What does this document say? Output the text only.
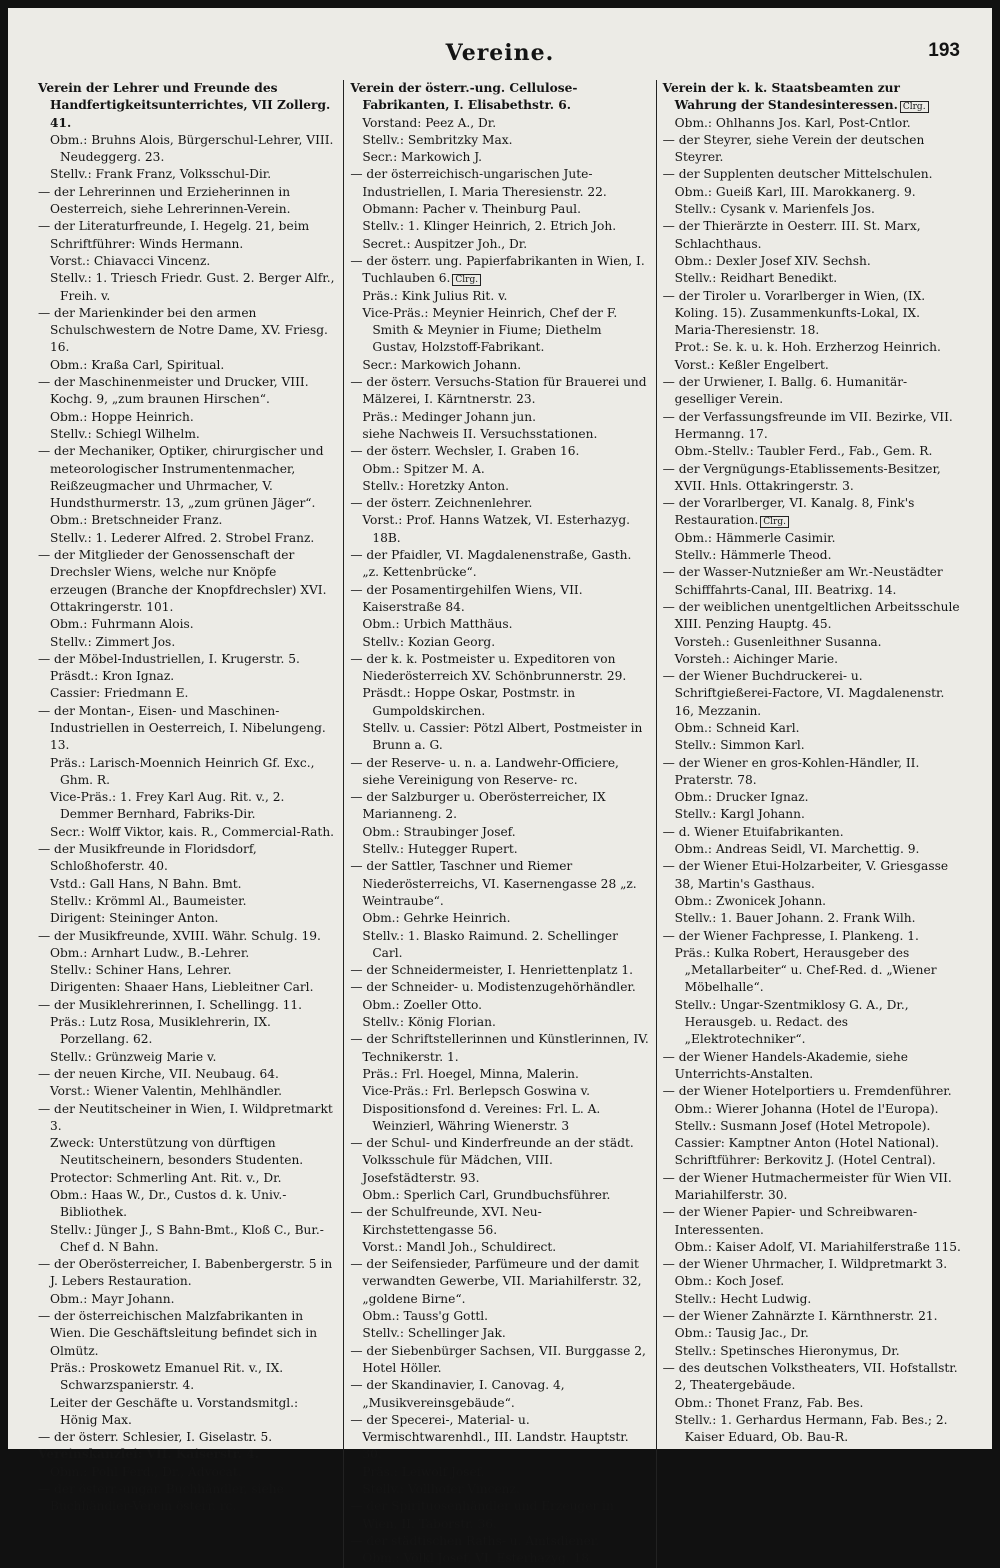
Vereine.	193

Verein der Lehrer und Freunde des Handfertigkeitsunterrichtes, VII Zollerg. 41.

Obm.: Bruhns Alois, Bürgerschul-Lehrer, VIII. Neudeggerg. 23.

Stellv.: Frank Franz, Volksschul-Dir.

— der Lehrerinnen und Erzieherinnen in Oesterreich, siehe Lehrerinnen-Verein.

— der Literaturfreunde, I. Hegelg. 21, beim Schriftführer: Winds Hermann.

Vorst.: Chiavacci Vincenz.

Stellv.: 1. Triesch Friedr. Gust. 2. Berger Alfr., Freih. v.

— der Marienkinder bei den armen Schulschwestern de Notre Dame, XV. Friesg. 16.

Obm.: Kraßa Carl, Spiritual.

— der Maschinenmeister und Drucker, VIII. Kochg. 9, „zum braunen Hirschen“.

Obm.: Hoppe Heinrich.

Stellv.: Schiegl Wilhelm.

— der Mechaniker, Optiker, chirurgischer und meteorologischer Instrumentenmacher, Reißzeugmacher und Uhrmacher, V. Hundsthurmerstr. 13, „zum grünen Jäger“.

Obm.: Bretschneider Franz.

Stellv.: 1. Lederer Alfred. 2. Strobel Franz.

— der Mitglieder der Genossenschaft der Drechsler Wiens, welche nur Knöpfe erzeugen (Branche der Knopfdrechsler) XVI. Ottakringerstr. 101.

Obm.: Fuhrmann Alois.

Stellv.: Zimmert Jos.

— der Möbel-Industriellen, I. Krugerstr. 5.

Präsdt.: Kron Ignaz.

Cassier: Friedmann E.

— der Montan-, Eisen- und Maschinen-Industriellen in Oesterreich, I. Nibelungeng. 13.

Präs.: Larisch-Moennich Heinrich Gf. Exc., Ghm. R.

Vice-Präs.: 1. Frey Karl Aug. Rit. v., 2. Demmer Bernhard, Fabriks-Dir.

Secr.: Wolff Viktor, kais. R., Commercial-Rath.

— der Musikfreunde in Floridsdorf, Schloßhoferstr. 40.

Vstd.: Gall Hans, N Bahn. Bmt.

Stellv.: Krömml Al., Baumeister.

Dirigent: Steininger Anton.

— der Musikfreunde, XVIII. Währ. Schulg. 19.

Obm.: Arnhart Ludw., B.-Lehrer.

Stellv.: Schiner Hans, Lehrer.

Dirigenten: Shaaer Hans, Liebleitner Carl.

— der Musiklehrerinnen, I. Schellingg. 11.

Präs.: Lutz Rosa, Musiklehrerin, IX. Porzellang. 62.

Stellv.: Grünzweig Marie v.

— der neuen Kirche, VII. Neubaug. 64.

Vorst.: Wiener Valentin, Mehlhändler.

— der Neutitscheiner in Wien, I. Wildpretmarkt 3.

Zweck: Unterstützung von dürftigen Neutitscheinern, besonders Studenten.

Protector: Schmerling Ant. Rit. v., Dr.

Obm.: Haas W., Dr., Custos d. k. Univ.-Bibliothek.

Stellv.: Jünger J., S Bahn-Bmt., Kloß C., Bur.-Chef d. N Bahn.

— der Oberösterreicher, I. Babenbergerstr. 5 in J. Lebers Restauration.

Obm.: Mayr Johann.

— der österreichischen Malzfabrikanten in Wien. Die Geschäftsleitung befindet sich in Olmütz.

Präs.: Proskowetz Emanuel Rit. v., IX. Schwarzspanierstr. 4.

Leiter der Geschäfte u. Vorstandsmitgl.: Hönig Max.

— der österr. Schlesier, I. Giselastr. 5.

Vereinskanzlei: VII. Kaiserstr. 4.

Obm.: Pohl Ferd., Dr., Advocat.

— der österr.-ungar. Buchhändler, siehe Buchhändler-Verein österr. rc.

Verein der österr.-ung. Cellulose-Fabrikanten, I. Elisabethstr. 6.

Vorstand: Peez A., Dr.

Stellv.: Sembritzky Max.

Secr.: Markowich J.

— der österreichisch-ungarischen Jute-Industriellen, I. Maria Theresienstr. 22.

Obmann: Pacher v. Theinburg Paul.

Stellv.: 1. Klinger Heinrich, 2. Etrich Joh.

Secret.: Auspitzer Joh., Dr.

— der österr. ung. Papierfabrikanten in Wien, I. Tuchlauben 6. Clrg.

Präs.: Kink Julius Rit. v.

Vice-Präs.: Meynier Heinrich, Chef der F. Smith & Meynier in Fiume; Diethelm Gustav, Holzstoff-Fabrikant.

Secr.: Markowich Johann.

— der österr. Versuchs-Station für Brauerei und Mälzerei, I. Kärntnerstr. 23.

Präs.: Medinger Johann jun.

siehe Nachweis II. Versuchsstationen.

— der österr. Wechsler, I. Graben 16.

Obm.: Spitzer M. A.

Stellv.: Horetzky Anton.

— der österr. Zeichnenlehrer.

Vorst.: Prof. Hanns Watzek, VI. Esterhazyg. 18B.

— der Pfaidler, VI. Magdalenenstraße, Gasth. „z. Kettenbrücke“.

— der Posamentirgehilfen Wiens, VII. Kaiserstraße 84.

Obm.: Urbich Matthäus.

Stellv.: Kozian Georg.

— der k. k. Postmeister u. Expeditoren von Niederösterreich XV. Schönbrunnerstr. 29.

Präsdt.: Hoppe Oskar, Postmstr. in Gumpoldskirchen.

Stellv. u. Cassier: Pötzl Albert, Postmeister in Brunn a. G.

— der Reserve- u. n. a. Landwehr-Officiere, siehe Vereinigung von Reserve- rc.

— der Salzburger u. Oberösterreicher, IX Marianneng. 2.

Obm.: Straubinger Josef.

Stellv.: Hutegger Rupert.

— der Sattler, Taschner und Riemer Niederösterreichs, VI. Kasernengasse 28 „z. Weintraube“.

Obm.: Gehrke Heinrich.

Stellv.: 1. Blasko Raimund. 2. Schellinger Carl.

— der Schneidermeister, I. Henriettenplatz 1.

— der Schneider- u. Modistenzugehörhändler.

Obm.: Zoeller Otto.

Stellv.: König Florian.

— der Schriftstellerinnen und Künstlerinnen, IV. Technikerstr. 1.

Präs.: Frl. Hoegel, Minna, Malerin.

Vice-Präs.: Frl. Berlepsch Goswina v.

Dispositionsfond d. Vereines: Frl. L. A. Weinzierl, Währing Wienerstr. 3

— der Schul- und Kinderfreunde an der städt. Volksschule für Mädchen, VIII. Josefstädterstr. 93.

Obm.: Sperlich Carl, Grundbuchsführer.

— der Schulfreunde, XVI. Neu-Kirchstettengasse 56.

Vorst.: Mandl Joh., Schuldirect.

— der Seifensieder, Parfümeure und der damit verwandten Gewerbe, VII. Mariahilferstr. 32, „goldene Birne“.

Obm.: Tauss'g Gottl.

Stellv.: Schellinger Jak.

— der Siebenbürger Sachsen, VII. Burggasse 2, Hotel Höller.

— der Skandinavier, I. Canovag. 4, „Musikvereinsgebäude“.

— der Specerei-, Material- u. Vermischtwarenhdl., III. Landstr. Hauptstr. 30.

Präs.: Leiwolf Josef.

Stellv.: Vollhofer Vincenz.

— der Spirituosenhändler und Erzeuger in Wien, II. Taborstr. 36.

— der städtischen Raths- u. Amtsdiener.

Obm.: Völkl Josef, VI. Esterhazyg. 18.

Verein der k. k. Staatsbeamten zur Wahrung der Standesinteressen. Clrg.

Obm.: Ohlhanns Jos. Karl, Post-Cntlor.

— der Steyrer, siehe Verein der deutschen Steyrer.

— der Supplenten deutscher Mittelschulen.

Obm.: Gueiß Karl, III. Marokkanerg. 9.

Stellv.: Cysank v. Marienfels Jos.

— der Thierärzte in Oesterr. III. St. Marx, Schlachthaus.

Obm.: Dexler Josef XIV. Sechsh.

Stellv.: Reidhart Benedikt.

— der Tiroler u. Vorarlberger in Wien, (IX. Koling. 15). Zusammenkunfts-Lokal, IX. Maria-Theresienstr. 18.

Prot.: Se. k. u. k. Hoh. Erzherzog Heinrich.

Vorst.: Keßler Engelbert.

— der Urwiener, I. Ballg. 6. Humanitär-geselliger Verein.

— der Verfassungsfreunde im VII. Bezirke, VII. Hermanng. 17.

Obm.-Stellv.: Taubler Ferd., Fab., Gem. R.

— der Vergnügungs-Etablissements-Besitzer, XVII. Hnls. Ottakringerstr. 3.

— der Vorarlberger, VI. Kanalg. 8, Fink's Restauration. Clrg.

Obm.: Hämmerle Casimir.

Stellv.: Hämmerle Theod.

— der Wasser-Nutznießer am Wr.-Neustädter Schifffahrts-Canal, III. Beatrixg. 14.

— der weiblichen unentgeltlichen Arbeitsschule XIII. Penzing Hauptg. 45.

Vorsteh.: Gusenleithner Susanna.

Vorsteh.: Aichinger Marie.

— der Wiener Buchdruckerei- u. Schriftgießerei-Factore, VI. Magdalenenstr. 16, Mezzanin.

Obm.: Schneid Karl.

Stellv.: Simmon Karl.

— der Wiener en gros-Kohlen-Händler, II. Praterstr. 78.

Obm.: Drucker Ignaz.

Stellv.: Kargl Johann.

— d. Wiener Etuifabrikanten.

Obm.: Andreas Seidl, VI. Marchettig. 9.

— der Wiener Etui-Holzarbeiter, V. Griesgasse 38, Martin's Gasthaus.

Obm.: Zwonicek Johann.

Stellv.: 1. Bauer Johann. 2. Frank Wilh.

— der Wiener Fachpresse, I. Plankeng. 1.

Präs.: Kulka Robert, Herausgeber des „Metallarbeiter“ u. Chef-Red. d. „Wiener Möbelhalle“.

Stellv.: Ungar-Szentmiklosy G. A., Dr., Herausgeb. u. Redact. des „Elektrotechniker“.

— der Wiener Handels-Akademie, siehe Unterrichts-Anstalten.

— der Wiener Hotelportiers u. Fremdenführer.

Obm.: Wierer Johanna (Hotel de l'Europa).

Stellv.: Susmann Josef (Hotel Metropole).

Cassier: Kamptner Anton (Hotel National).

Schriftführer: Berkovitz J. (Hotel Central).

— der Wiener Hutmachermeister für Wien VII. Mariahilferstr. 30.

— der Wiener Papier- und Schreibwaren-Interessenten.

Obm.: Kaiser Adolf, VI. Mariahilferstraße 115.

— der Wiener Uhrmacher, I. Wildpretmarkt 3.

Obm.: Koch Josef.

Stellv.: Hecht Ludwig.

— der Wiener Zahnärzte I. Kärnthnerstr. 21.

Obm.: Tausig Jac., Dr.

Stellv.: Spetinsches Hieronymus, Dr.

— des deutschen Volkstheaters, VII. Hofstallstr. 2, Theatergebäude.

Obm.: Thonet Franz, Fab. Bes.

Stellv.: 1. Gerhardus Hermann, Fab. Bes.; 2. Kaiser Eduard, Ob. Bau-R.
